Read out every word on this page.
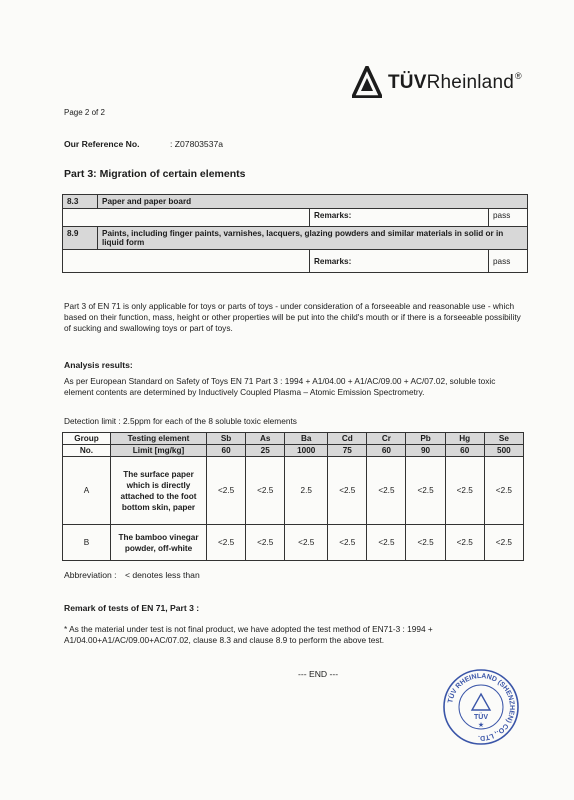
TÜVRheinland®
Page 2 of 2
Our Reference No.	: Z07803537a
Part 3: Migration of certain elements
8.3	Paper and paper board		
		Remarks:	pass
8.9	Paints, including finger paints, varnishes, lacquers, glazing powders and similar materials in solid or in liquid form		
		Remarks:	pass
Part 3 of EN 71 is only applicable for toys or parts of toys - under consideration of a forseeable and reasonable use - which based on their function, mass, height or other properties will be put into the child's mouth or if there is a forseeable possibility of sucking and swallowing toys or part of toys.
Analysis results:
As per European Standard on Safety of Toys EN 71 Part 3 : 1994 + A1/04.00 + A1/AC/09.00 + AC/07.02, soluble toxic element contents are determined by Inductively Coupled Plasma – Atomic Emission Spectrometry.
Detection limit : 2.5ppm for each of the 8 soluble toxic elements
Group	Testing element	Sb	As	Ba	Cd	Cr	Pb	Hg	Se
No.	Limit [mg/kg]	60	25	1000	75	60	90	60	500
A	The surface paper which is directly attached to the foot bottom skin, paper	<2.5	<2.5	2.5	<2.5	<2.5	<2.5	<2.5	<2.5
B	The bamboo vinegar powder, off-white	<2.5	<2.5	<2.5	<2.5	<2.5	<2.5	<2.5	<2.5
Abbreviation : < denotes less than
Remark of tests of EN 71, Part 3 :
* As the material under test is not final product, we have adopted the test method of EN71-3 : 1994 + A1/04.00+A1/AC/09.00+AC/07.02, clause 8.3 and clause 8.9 to perform the above test.
--- END ---
TÜV RHEINLAND (SHENZHEN) CO., LTD.
TÜV
★
